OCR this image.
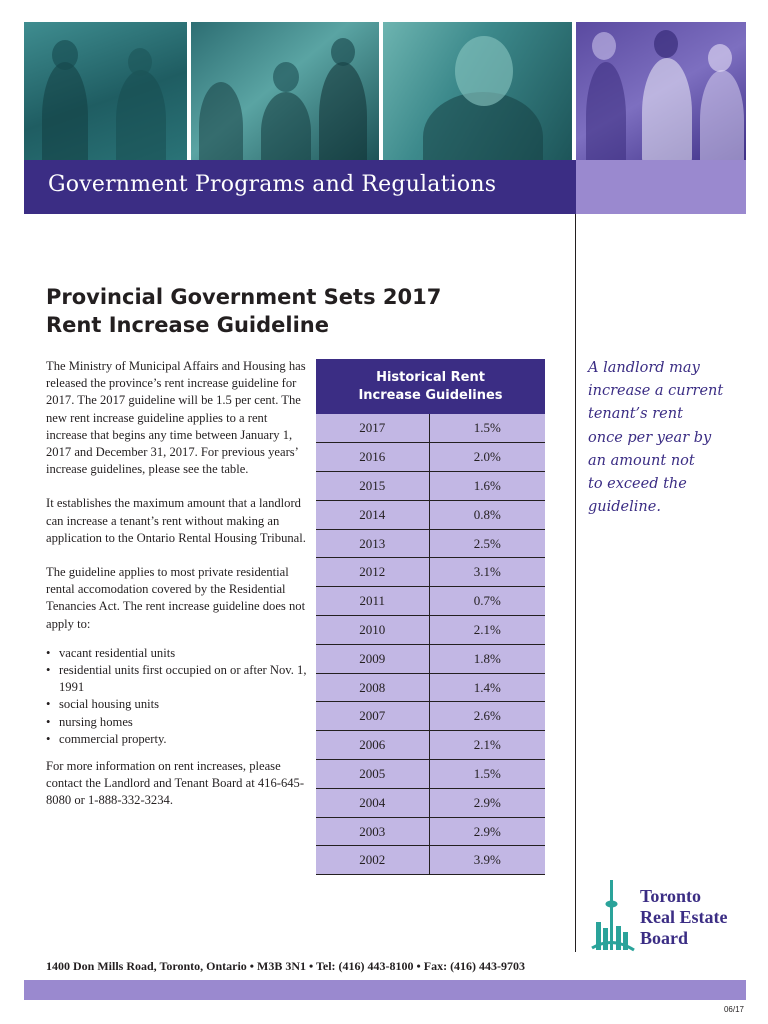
Government Programs and Regulations
Provincial Government Sets 2017
Rent Increase Guideline

The Ministry of Municipal Affairs and Housing has released the province’s rent increase guideline for 2017. The 2017 guideline will be 1.5 per cent. The new rent increase guideline applies to a rent increase that begins any time between January 1, 2017 and December 31, 2017. For previous years’ increase guidelines, please see the table.

It establishes the maximum amount that a landlord can increase a tenant’s rent without making an application to the Ontario Rental Housing Tribunal.

The guideline applies to most private residential rental accomodation covered by the Residential Tenancies Act. The rent increase guideline does not apply to:

• vacant residential units
• residential units first occupied on or after Nov. 1, 1991
• social housing units
• nursing homes
• commercial property.

For more information on rent increases, please contact the Landlord and Tenant Board at 416-645-8080 or 1-888-332-3234.

Historical Rent
Increase Guidelines	
2017	1.5%
2016	2.0%
2015	1.6%
2014	0.8%
2013	2.5%
2012	3.1%
2011	0.7%
2010	2.1%
2009	1.8%
2008	1.4%
2007	2.6%
2006	2.1%
2005	1.5%
2004	2.9%
2003	2.9%
2002	3.9%
A landlord may
increase a current
tenant’s rent
once per year by
an amount not
to exceed the
guideline.
Toronto
Real Estate
Board
1400 Don Mills Road, Toronto, Ontario • M3B 3N1 • Tel: (416) 443-8100 • Fax: (416) 443-9703
06/17
